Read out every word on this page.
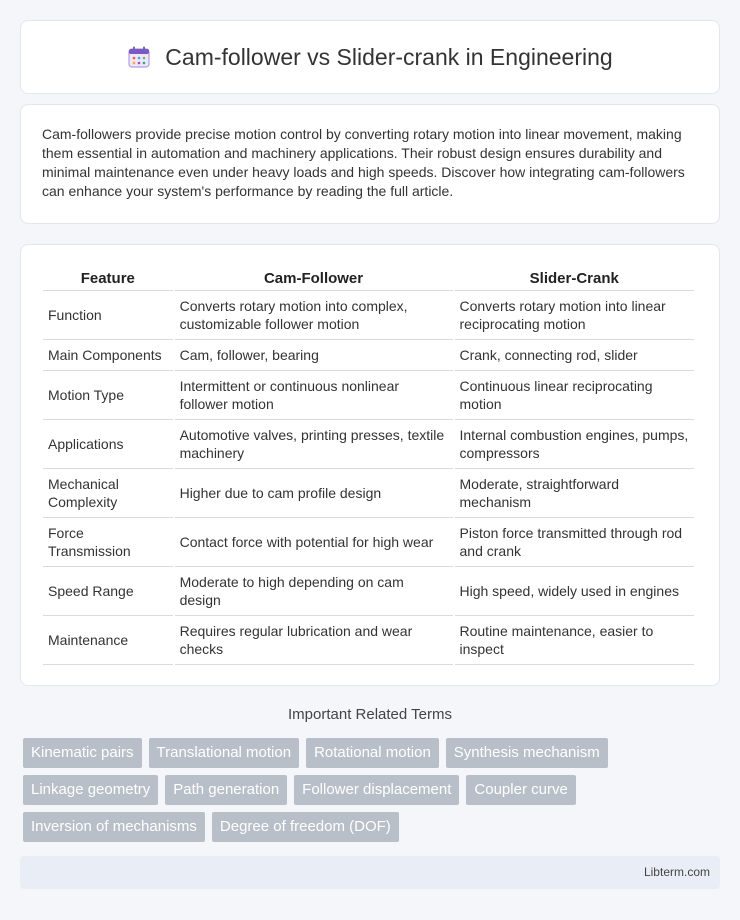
Cam-follower vs Slider-crank in Engineering

Cam-followers provide precise motion control by converting rotary motion into linear movement, making them essential in automation and machinery applications. Their robust design ensures durability and minimal maintenance even under heavy loads and high speeds. Discover how integrating cam-followers can enhance your system's performance by reading the full article.

Feature	Cam-Follower	Slider-Crank
Function	Converts rotary motion into complex, customizable follower motion	Converts rotary motion into linear reciprocating motion
Main Components	Cam, follower, bearing	Crank, connecting rod, slider
Motion Type	Intermittent or continuous nonlinear follower motion	Continuous linear reciprocating motion
Applications	Automotive valves, printing presses, textile machinery	Internal combustion engines, pumps, compressors
Mechanical Complexity	Higher due to cam profile design	Moderate, straightforward mechanism
Force Transmission	Contact force with potential for high wear	Piston force transmitted through rod and crank
Speed Range	Moderate to high depending on cam design	High speed, widely used in engines
Maintenance	Requires regular lubrication and wear checks	Routine maintenance, easier to inspect
Important Related Terms
Kinematic pairs	Translational motion	Rotational motion	Synthesis mechanism
Linkage geometry	Path generation	Follower displacement	Coupler curve
Inversion of mechanisms	Degree of freedom (DOF)
Libterm.com
